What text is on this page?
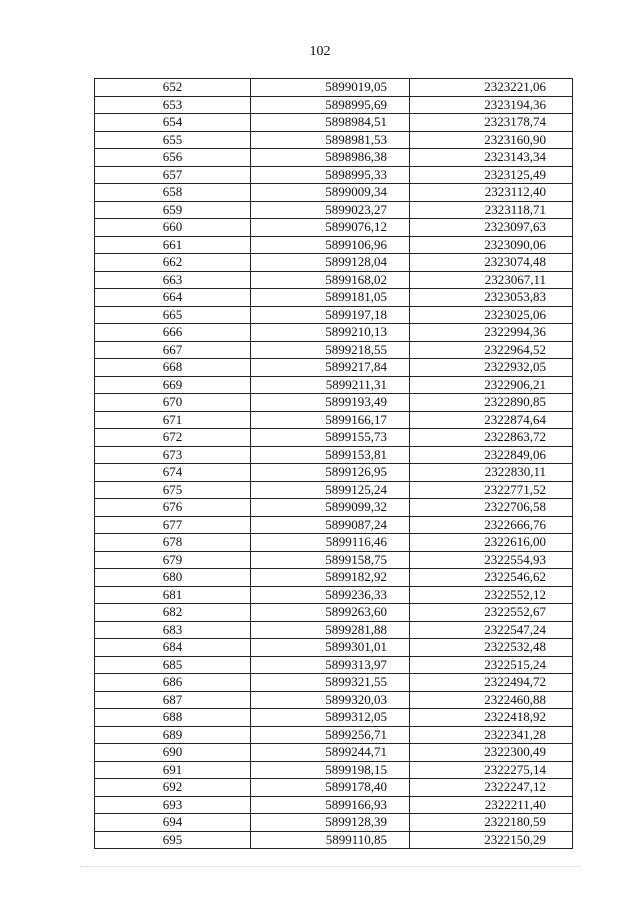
102
652	5899019,05	2323221,06
653	5898995,69	2323194,36
654	5898984,51	2323178,74
655	5898981,53	2323160,90
656	5898986,38	2323143,34
657	5898995,33	2323125,49
658	5899009,34	2323112,40
659	5899023,27	2323118,71
660	5899076,12	2323097,63
661	5899106,96	2323090,06
662	5899128,04	2323074,48
663	5899168,02	2323067,11
664	5899181,05	2323053,83
665	5899197,18	2323025,06
666	5899210,13	2322994,36
667	5899218,55	2322964,52
668	5899217,84	2322932,05
669	5899211,31	2322906,21
670	5899193,49	2322890,85
671	5899166,17	2322874,64
672	5899155,73	2322863,72
673	5899153,81	2322849,06
674	5899126,95	2322830,11
675	5899125,24	2322771,52
676	5899099,32	2322706,58
677	5899087,24	2322666,76
678	5899116,46	2322616,00
679	5899158,75	2322554,93
680	5899182,92	2322546,62
681	5899236,33	2322552,12
682	5899263,60	2322552,67
683	5899281,88	2322547,24
684	5899301,01	2322532,48
685	5899313,97	2322515,24
686	5899321,55	2322494,72
687	5899320,03	2322460,88
688	5899312,05	2322418,92
689	5899256,71	2322341,28
690	5899244,71	2322300,49
691	5899198,15	2322275,14
692	5899178,40	2322247,12
693	5899166,93	2322211,40
694	5899128,39	2322180,59
695	5899110,85	2322150,29
